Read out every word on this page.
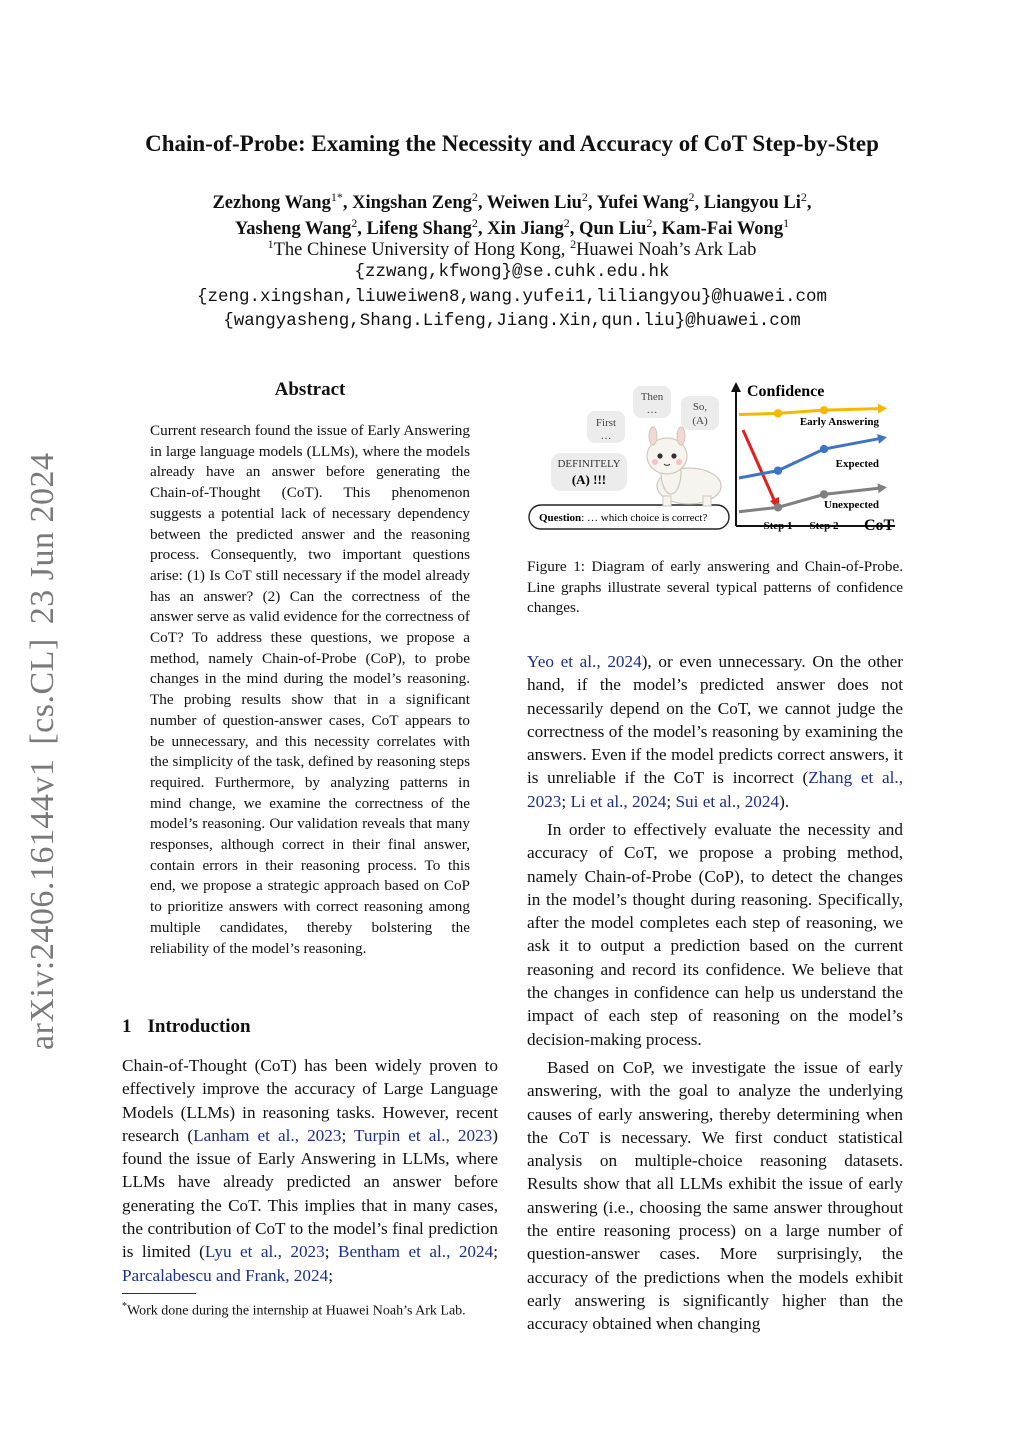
Chain-of-Probe: Examing the Necessity and Accuracy of CoT Step-by-Step
Zezhong Wang$^{1*}$, Xingshan Zeng$^2$, Weiwen Liu$^2$, Yufei Wang$^2$, Liangyou Li$^2$,
Yasheng Wang$^2$, Lifeng Shang$^2$, Xin Jiang$^2$, Qun Liu$^2$, Kam-Fai Wong$^1$
$^1$The Chinese University of Hong Kong, $^2$Huawei Noah’s Ark Lab
{zzwang,kfwong}@se.cuhk.edu.hk
{zeng.xingshan,liuweiwen8,wang.yufei1,liliangyou}@huawei.com
{wangyasheng,Shang.Lifeng,Jiang.Xin,qun.liu}@huawei.com
arXiv:2406.16144v1[cs.CL]23 Jun 2024
Abstract
Current research found the issue of Early Answering in large language models (LLMs), where the models already have an answer before generating the Chain-of-Thought (CoT). This phenomenon suggests a potential lack of necessary dependency between the predicted answer and the reasoning process. Consequently, two important questions arise: (1) Is CoT still necessary if the model already has an answer? (2) Can the correctness of the answer serve as valid evidence for the correctness of CoT? To address these questions, we propose a method, namely Chain-of-Probe (CoP), to probe changes in the mind during the model’s reasoning. The probing results show that in a significant number of question-answer cases, CoT appears to be unnecessary, and this necessity correlates with the simplicity of the task, defined by reasoning steps required. Furthermore, by analyzing patterns in mind change, we examine the correctness of the model’s reasoning. Our validation reveals that many responses, although correct in their final answer, contain errors in their reasoning process. To this end, we propose a strategic approach based on CoP to prioritize answers with correct reasoning among multiple candidates, thereby bolstering the reliability of the model’s reasoning.
1 Introduction
Chain-of-Thought (CoT) has been widely proven to effectively improve the accuracy of Large Language Models (LLMs) in reasoning tasks. However, recent research (Lanham et al., 2023; Turpin et al., 2023) found the issue of Early Answering in LLMs, where LLMs have already predicted an answer before generating the CoT. This implies that in many cases, the contribution of CoT to the model’s final prediction is limited (Lyu et al., 2023; Bentham et al., 2024; Parcalabescu and Frank, 2024;
*Work done during the internship at Huawei Noah’s Ark Lab.
Question: … which choice is correct?
DEFINITELY
(A) !!!
First
…
Then
…	So,
(A)
Confidence
CoT
Step 1 Step 2
Early Answering
Expected
Unexpected
Figure 1: Diagram of early answering and Chain-of-Probe. Line graphs illustrate several typical patterns of confidence changes.

Yeo et al., 2024), or even unnecessary. On the other hand, if the model’s predicted answer does not necessarily depend on the CoT, we cannot judge the correctness of the model’s reasoning by examining the answers. Even if the model predicts correct answers, it is unreliable if the CoT is incorrect (Zhang et al., 2023; Li et al., 2024; Sui et al., 2024).

In order to effectively evaluate the necessity and accuracy of CoT, we propose a probing method, namely Chain-of-Probe (CoP), to detect the changes in the model’s thought during reasoning. Specifically, after the model completes each step of reasoning, we ask it to output a prediction based on the current reasoning and record its confidence. We believe that the changes in confidence can help us understand the impact of each step of reasoning on the model’s decision-making process.
Based on CoP, we investigate the issue of early answering, with the goal to analyze the underlying causes of early answering, thereby determining when the CoT is necessary. We first conduct statistical analysis on multiple-choice reasoning datasets. Results show that all LLMs exhibit the issue of early answering (i.e., choosing the same answer throughout the entire reasoning process) on a large number of question-answer cases. More surprisingly, the accuracy of the predictions when the models exhibit early answering is significantly higher than the accuracy obtained when changing
